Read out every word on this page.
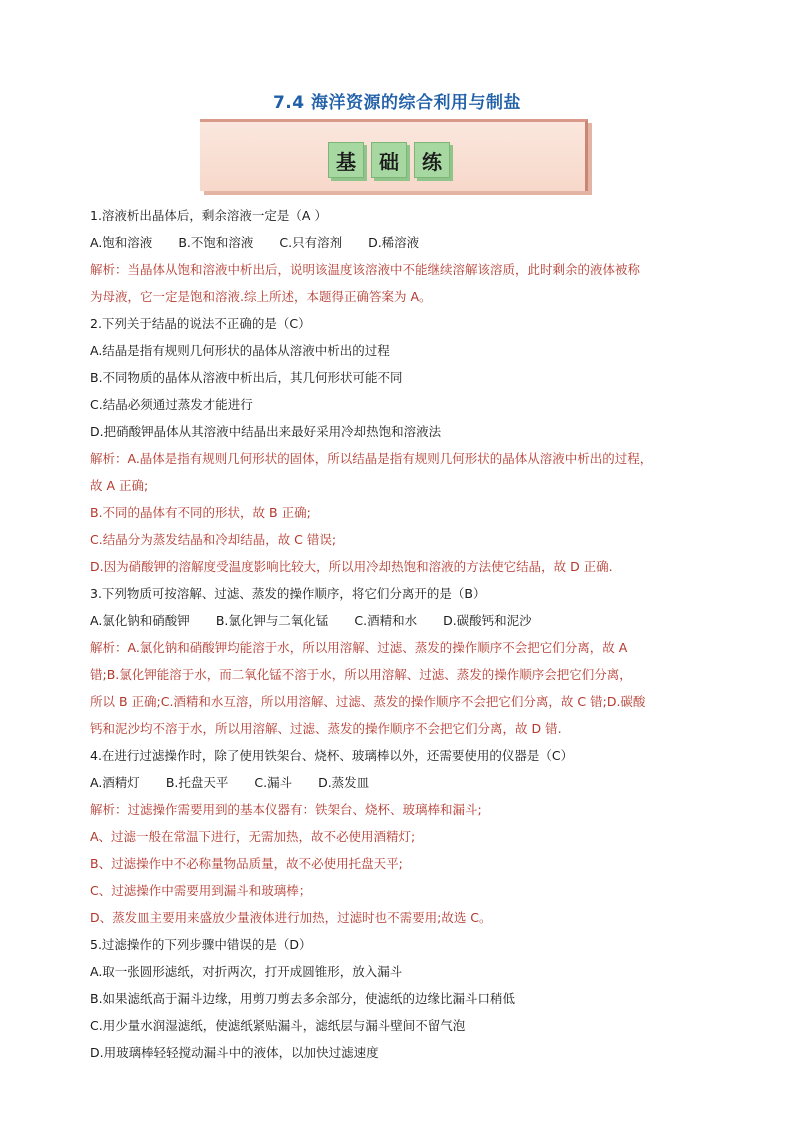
7.4 海洋资源的综合利用与制盐
基	础	练
1.溶液析出晶体后，剩余溶液一定是（A ）
A.饱和溶液 B.不饱和溶液 C.只有溶剂 D.稀溶液
解析：当晶体从饱和溶液中析出后，说明该温度该溶液中不能继续溶解该溶质，此时剩余的液体被称
为母液，它一定是饱和溶液.综上所述，本题得正确答案为 A。
2.下列关于结晶的说法不正确的是（C）
A.结晶是指有规则几何形状的晶体从溶液中析出的过程
B.不同物质的晶体从溶液中析出后，其几何形状可能不同
C.结晶必须通过蒸发才能进行
D.把硝酸钾晶体从其溶液中结晶出来最好采用冷却热饱和溶液法
解析：A.晶体是指有规则几何形状的固体，所以结晶是指有规则几何形状的晶体从溶液中析出的过程，
故 A 正确;
B.不同的晶体有不同的形状，故 B 正确;
C.结晶分为蒸发结晶和冷却结晶，故 C 错误;
D.因为硝酸钾的溶解度受温度影响比较大，所以用冷却热饱和溶液的方法使它结晶，故 D 正确.
3.下列物质可按溶解、过滤、蒸发的操作顺序，将它们分离开的是（B）
A.氯化钠和硝酸钾 B.氯化钾与二氧化锰 C.酒精和水 D.碳酸钙和泥沙
解析：A.氯化钠和硝酸钾均能溶于水，所以用溶解、过滤、蒸发的操作顺序不会把它们分离，故 A
错;B.氯化钾能溶于水，而二氧化锰不溶于水，所以用溶解、过滤、蒸发的操作顺序会把它们分离，
所以 B 正确;C.酒精和水互溶，所以用溶解、过滤、蒸发的操作顺序不会把它们分离，故 C 错;D.碳酸
钙和泥沙均不溶于水，所以用溶解、过滤、蒸发的操作顺序不会把它们分离，故 D 错.
4.在进行过滤操作时，除了使用铁架台、烧杯、玻璃棒以外，还需要使用的仪器是（C）
A.酒精灯 B.托盘天平 C.漏斗 D.蒸发皿
解析：过滤操作需要用到的基本仪器有：铁架台、烧杯、玻璃棒和漏斗;
A、过滤一般在常温下进行，无需加热，故不必使用酒精灯;
B、过滤操作中不必称量物品质量，故不必使用托盘天平;
C、过滤操作中需要用到漏斗和玻璃棒；
D、蒸发皿主要用来盛放少量液体进行加热，过滤时也不需要用;故选 C。
5.过滤操作的下列步骤中错误的是（D）
A.取一张圆形滤纸，对折两次，打开成圆锥形，放入漏斗
B.如果滤纸高于漏斗边缘，用剪刀剪去多余部分，使滤纸的边缘比漏斗口稍低
C.用少量水润湿滤纸，使滤纸紧贴漏斗，滤纸层与漏斗壁间不留气泡
D.用玻璃棒轻轻搅动漏斗中的液体，以加快过滤速度
